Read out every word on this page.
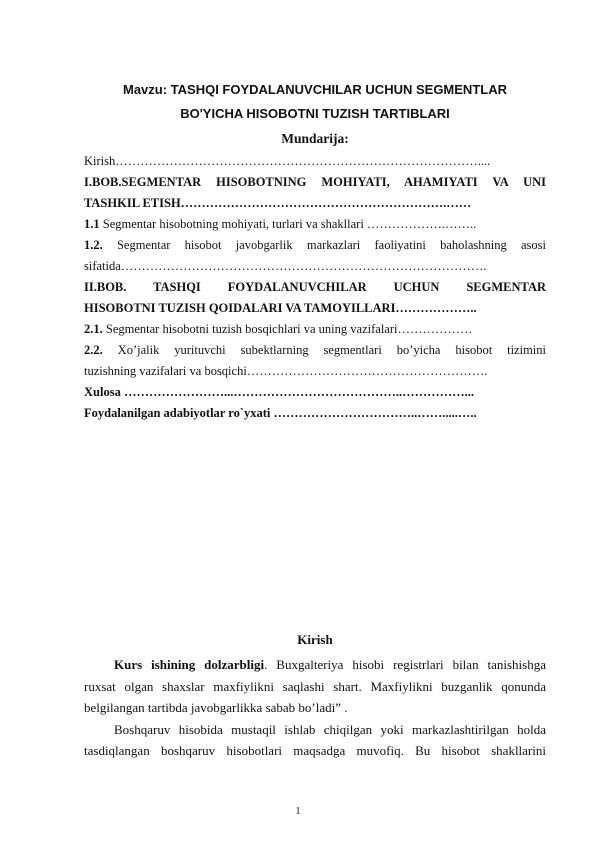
Mavzu: TASHQI FOYDALANUVCHILAR UCHUN SEGMENTLAR
BO'YICHA HISOBOTNI TUZISH TARTIBLARI
Mundarija:
Kirish……………………………………………………………………………....
I.BOB.SEGMENTAR HISOBOTNING MOHIYATI, AHAMIYATI VA UNI
TASHKIL ETISH……………………………………………………….……
1.1 Segmentar hisobotning mohiyati, turlari va shakllari ……………….……..
1.2. Segmentar hisobot javobgarlik markazlari faoliyatini baholashning asosi
sifatida…………………………………………………………………………….
II.BOB. TASHQI FOYDALANUVCHILAR UCHUN SEGMENTAR
HISOBOTNI TUZISH QOIDALARI VA TAMOYILLARI………………..
2.1. Segmentar hisobotni tuzish bosqichlari va uning vazifalari………………
2.2. Xo’jalik yurituvchi subektlarning segmentlari bo’yicha hisobot tizimini
tuzishning vazifalari va bosqichi………………………………………………….
Xulosa ……………………...…………………………………..……………...
Foydalanilgan adabiyotlar ro`yxati ……………………………..…….....…..
Kirish
Kurs ishining dolzarbligi. Buxgalteriya hisobi registrlari bilan tanishishga
ruxsat olgan shaxslar maxfiylikni saqlashi shart. Maxfiylikni buzganlik qonunda
belgilangan tartibda javobgarlikka sabab bo’ladi” .
Boshqaruv hisobida mustaqil ishlab chiqilgan yoki markazlashtirilgan holda
tasdiqlangan boshqaruv hisobotlari maqsadga muvofiq. Bu hisobot shakllarini
1
